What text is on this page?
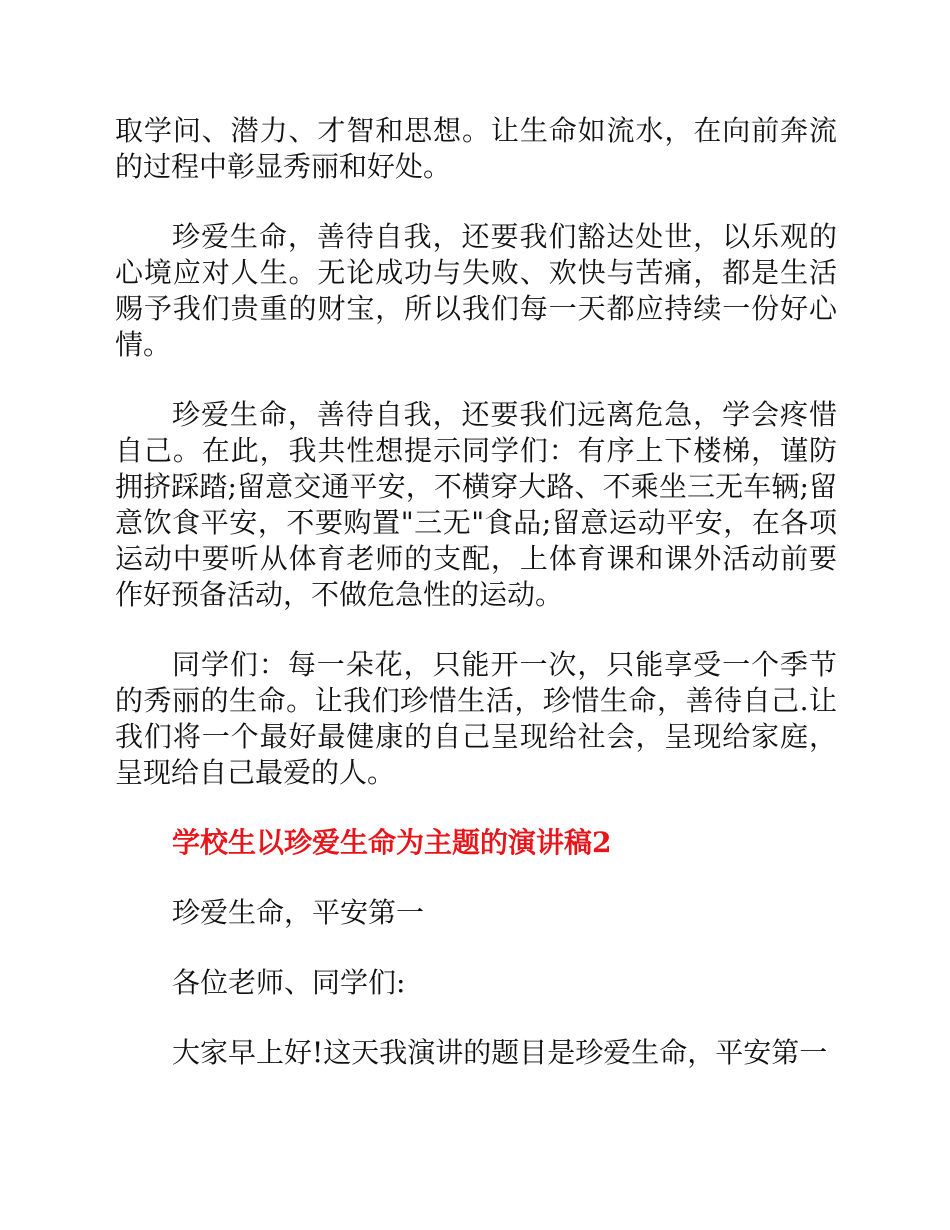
取学问、潜力、才智和思想。让生命如流水，在向前奔流的过程中彰显秀丽和好处。

珍爱生命，善待自我，还要我们豁达处世，以乐观的心境应对人生。无论成功与失败、欢快与苦痛，都是生活赐予我们贵重的财宝，所以我们每一天都应持续一份好心情。

珍爱生命，善待自我，还要我们远离危急，学会疼惜自己。在此，我共性想提示同学们：有序上下楼梯，谨防拥挤踩踏;留意交通平安，不横穿大路、不乘坐三无车辆;留意饮食平安，不要购置"三无"食品;留意运动平安，在各项运动中要听从体育老师的支配，上体育课和课外活动前要作好预备活动，不做危急性的运动。

同学们：每一朵花，只能开一次，只能享受一个季节的秀丽的生命。让我们珍惜生活，珍惜生命，善待自己.让我们将一个最好最健康的自己呈现给社会，呈现给家庭，呈现给自己最爱的人。

学校生以珍爱生命为主题的演讲稿2

珍爱生命，平安第一

各位老师、同学们:

大家早上好!这天我演讲的题目是珍爱生命，平安第一
